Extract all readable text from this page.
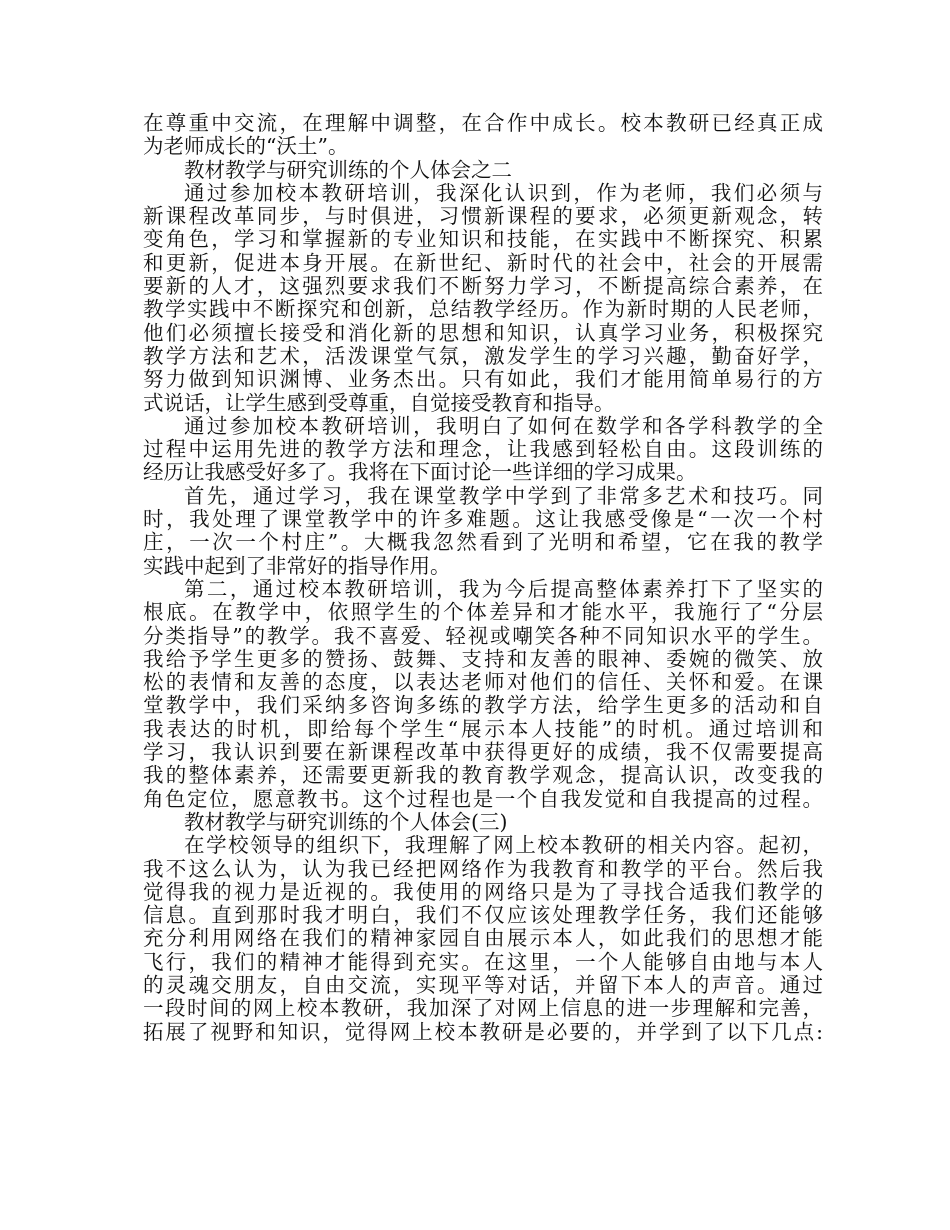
在尊重中交流，在理解中调整，在合作中成长。校本教研已经真正成
为老师成长的“沃土”。
教材教学与研究训练的个人体会之二
通过参加校本教研培训，我深化认识到，作为老师，我们必须与
新课程改革同步，与时俱进，习惯新课程的要求，必须更新观念，转
变角色，学习和掌握新的专业知识和技能，在实践中不断探究、积累
和更新，促进本身开展。在新世纪、新时代的社会中，社会的开展需
要新的人才，这强烈要求我们不断努力学习，不断提高综合素养，在
教学实践中不断探究和创新，总结教学经历。作为新时期的人民老师，
他们必须擅长接受和消化新的思想和知识，认真学习业务，积极探究
教学方法和艺术，活泼课堂气氛，激发学生的学习兴趣，勤奋好学，
努力做到知识渊博、业务杰出。只有如此，我们才能用简单易行的方
式说话，让学生感到受尊重，自觉接受教育和指导。
通过参加校本教研培训，我明白了如何在数学和各学科教学的全
过程中运用先进的教学方法和理念，让我感到轻松自由。这段训练的
经历让我感受好多了。我将在下面讨论一些详细的学习成果。
首先，通过学习，我在课堂教学中学到了非常多艺术和技巧。同
时，我处理了课堂教学中的许多难题。这让我感受像是“一次一个村
庄，一次一个村庄”。大概我忽然看到了光明和希望，它在我的教学
实践中起到了非常好的指导作用。
第二，通过校本教研培训，我为今后提高整体素养打下了坚实的
根底。在教学中，依照学生的个体差异和才能水平，我施行了“分层
分类指导”的教学。我不喜爱、轻视或嘲笑各种不同知识水平的学生。
我给予学生更多的赞扬、鼓舞、支持和友善的眼神、委婉的微笑、放
松的表情和友善的态度，以表达老师对他们的信任、关怀和爱。在课
堂教学中，我们采纳多咨询多练的教学方法，给学生更多的活动和自
我表达的时机，即给每个学生“展示本人技能”的时机。通过培训和
学习，我认识到要在新课程改革中获得更好的成绩，我不仅需要提高
我的整体素养，还需要更新我的教育教学观念，提高认识，改变我的
角色定位，愿意教书。这个过程也是一个自我发觉和自我提高的过程。
教材教学与研究训练的个人体会(三)
在学校领导的组织下，我理解了网上校本教研的相关内容。起初，
我不这么认为，认为我已经把网络作为我教育和教学的平台。然后我
觉得我的视力是近视的。我使用的网络只是为了寻找合适我们教学的
信息。直到那时我才明白，我们不仅应该处理教学任务，我们还能够
充分利用网络在我们的精神家园自由展示本人，如此我们的思想才能
飞行，我们的精神才能得到充实。在这里，一个人能够自由地与本人
的灵魂交朋友，自由交流，实现平等对话，并留下本人的声音。通过
一段时间的网上校本教研，我加深了对网上信息的进一步理解和完善，
拓展了视野和知识，觉得网上校本教研是必要的，并学到了以下几点:
